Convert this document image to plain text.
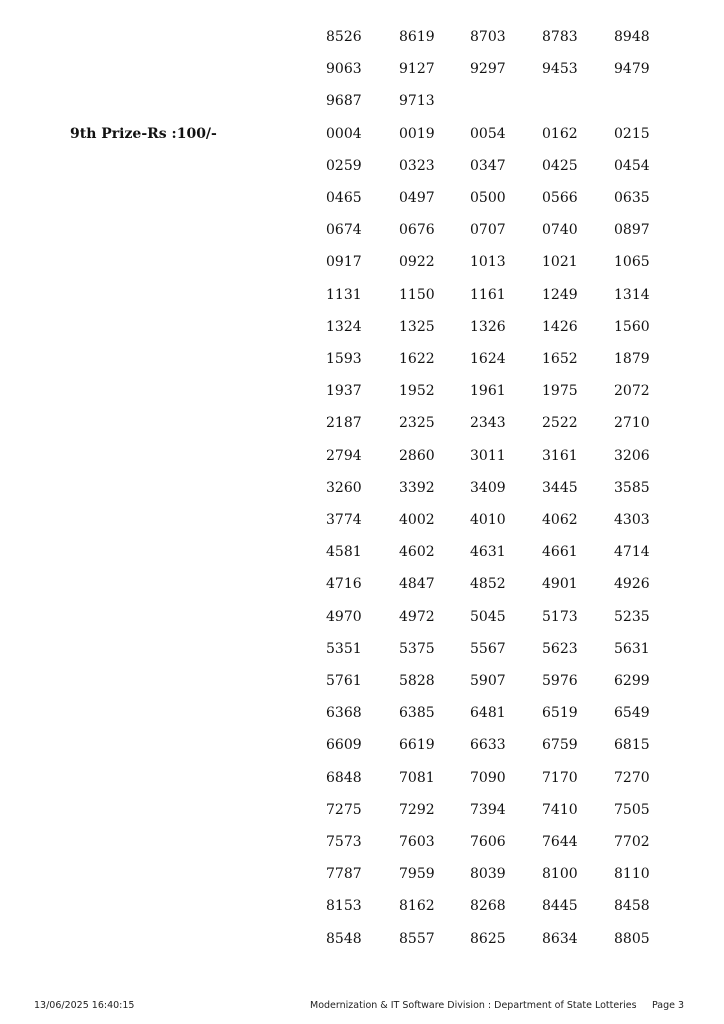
8526	8619	8703	8783	8948
9063	9127	9297	9453	9479
9687	9713
9th Prize-Rs :100/-	0004	0019	0054	0162	0215
0259	0323	0347	0425	0454
0465	0497	0500	0566	0635
0674	0676	0707	0740	0897
0917	0922	1013	1021	1065
1131	1150	1161	1249	1314
1324	1325	1326	1426	1560
1593	1622	1624	1652	1879
1937	1952	1961	1975	2072
2187	2325	2343	2522	2710
2794	2860	3011	3161	3206
3260	3392	3409	3445	3585
3774	4002	4010	4062	4303
4581	4602	4631	4661	4714
4716	4847	4852	4901	4926
4970	4972	5045	5173	5235
5351	5375	5567	5623	5631
5761	5828	5907	5976	6299
6368	6385	6481	6519	6549
6609	6619	6633	6759	6815
6848	7081	7090	7170	7270
7275	7292	7394	7410	7505
7573	7603	7606	7644	7702
7787	7959	8039	8100	8110
8153	8162	8268	8445	8458
8548	8557	8625	8634	8805
13/06/2025 16:40:15	Modernization & IT Software Division : Department of State Lotteries Page 3
